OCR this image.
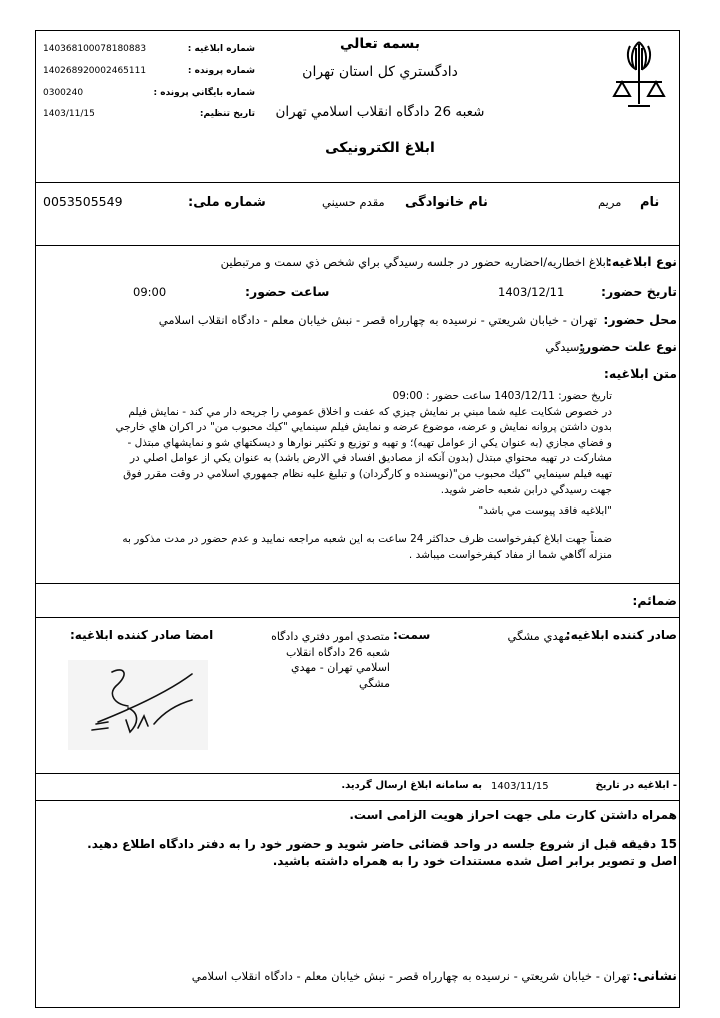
140368100078180883	شماره ابلاغيه :
140268920002465111	شماره پرونده :
0300240	شماره بايگاني پرونده :
1403/11/15	تاريخ تنظيم:
بسمه تعالي
دادگستري کل استان تهران
شعبه 26 دادگاه انقلاب اسلامي تهران
ابلاغ الكترونيكى
نام
مريم
نام خانوادگی
مقدم حسيني
شماره ملی:
0053505549
نوع ابلاغیه:
ابلاغ اخطاريه/احضاريه حضور در جلسه رسيدگي براي شخص ذي سمت و مرتبطين
تاریخ حضور:
1403/12/11
ساعت حضور:
09:00
محل حضور:
تهران - خيابان شريعتي - نرسيده به چهارراه قصر - نبش خيابان معلم - دادگاه انقلاب اسلامي
نوع علت حضور:
رسيدگي
متن ابلاغیه:
تاريخ حضور: 1403/12/11 ساعت حضور : 09:00
در خصوص شكايت عليه شما مبني بر نمايش چيزي كه عفت و اخلاق عمومي را جريحه دار مي كند - نمايش فيلم
بدون داشتن پروانه نمايش و عرضه، موضوع عرضه و نمايش فيلم سينمايي "كيك محبوب من" در اكران هاي خارجي
و فضاي مجازي (به عنوان يكي از عوامل تهيه)؛ و تهيه و توزيع و تكثير نوارها و ديسكتهاي شو و نمايشهاي مبتذل -
مشاركت در تهيه محتواي مبتذل (بدون آنكه از مصاديق افساد في الارض باشد) به عنوان يكي از عوامل اصلي در
تهيه فيلم سينمايي "كيك محبوب من"(نويسنده و كارگردان) و تبليغ عليه نظام جمهوري اسلامي در وقت مقرر فوق
جهت رسيدگي درابن شعبه حاضر شويد.
"ابلاغيه فاقد پيوست مي باشد"
ضمناً جهت ابلاغ كيفرخواست ظرف حداكثر 24 ساعت به اين شعبه مراجعه نماييد و عدم حضور در مدت مذكور به
منزله آگاهي شما از مفاد كيفرخواست ميباشد .
ضمائم:
صادر کننده ابلاغیه:
مهدي مشگي
سمت:
متصدي امور دفتري دادگاه
شعبه 26 دادگاه انقلاب
اسلامي تهران - مهدي
مشگي
امضا صادر کننده ابلاغیه:
- ابلاغیه در تاریخ
1403/11/15
به سامانه ابلاغ ارسال گردید.
همراه داشتن کارت ملی جهت احراز هویت الزامی است.
15 دقیقه قبل از شروع جلسه در واحد قضائی حاضر شوید و حضور خود را به دفتر دادگاه اطلاع دهید.
اصل و تصویر برابر اصل شده مستندات خود را به همراه داشته باشید.
نشانی:
تهران - خيابان شريعتي - نرسيده به چهارراه قصر - نبش خيابان معلم - دادگاه انقلاب اسلامي
